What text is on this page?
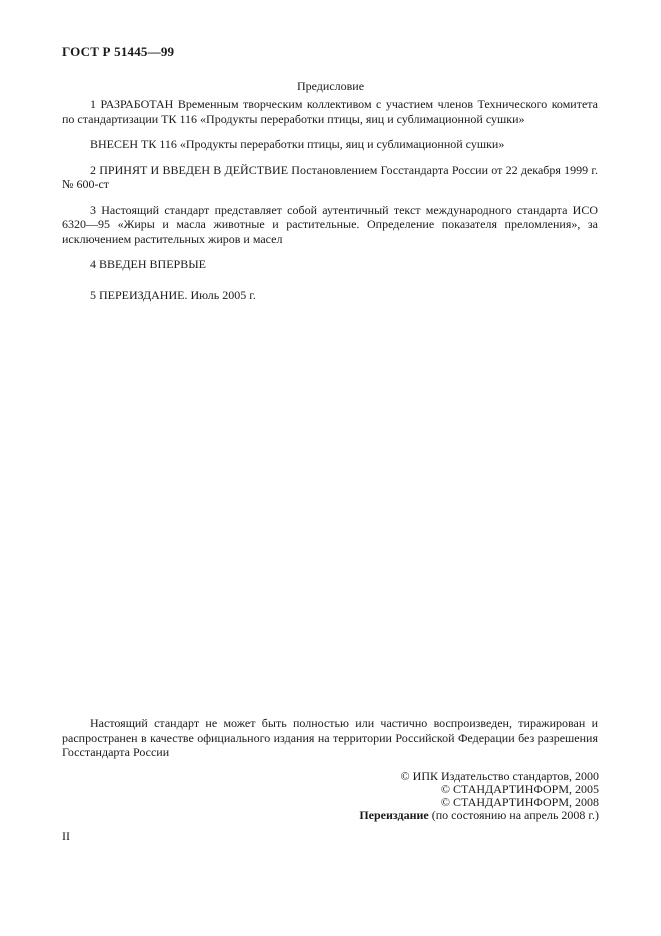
ГОСТ Р 51445—99
Предисловие

1 РАЗРАБОТАН Временным творческим коллективом с участием членов Технического комитета по стандартизации ТК 116 «Продукты переработки птицы, яиц и сублимационной сушки»

ВНЕСЕН ТК 116 «Продукты переработки птицы, яиц и сублимационной сушки»

2 ПРИНЯТ И ВВЕДЕН В ДЕЙСТВИЕ Постановлением Госстандарта России от 22 декабря 1999 г. № 600-ст

3 Настоящий стандарт представляет собой аутентичный текст международного стандарта ИСО 6320—95 «Жиры и масла животные и растительные. Определение показателя преломления», за исключением растительных жиров и масел

4 ВВЕДЕН ВПЕРВЫЕ

5 ПЕРЕИЗДАНИЕ. Июль 2005 г.

Настоящий стандарт не может быть полностью или частично воспроизведен, тиражирован и распространен в качестве официального издания на территории Российской Федерации без разрешения Госстандарта России

© ИПК Издательство стандартов, 2000
© СТАНДАРТИНФОРМ, 2005
© СТАНДАРТИНФОРМ, 2008
Переиздание (по состоянию на апрель 2008 г.)
II
